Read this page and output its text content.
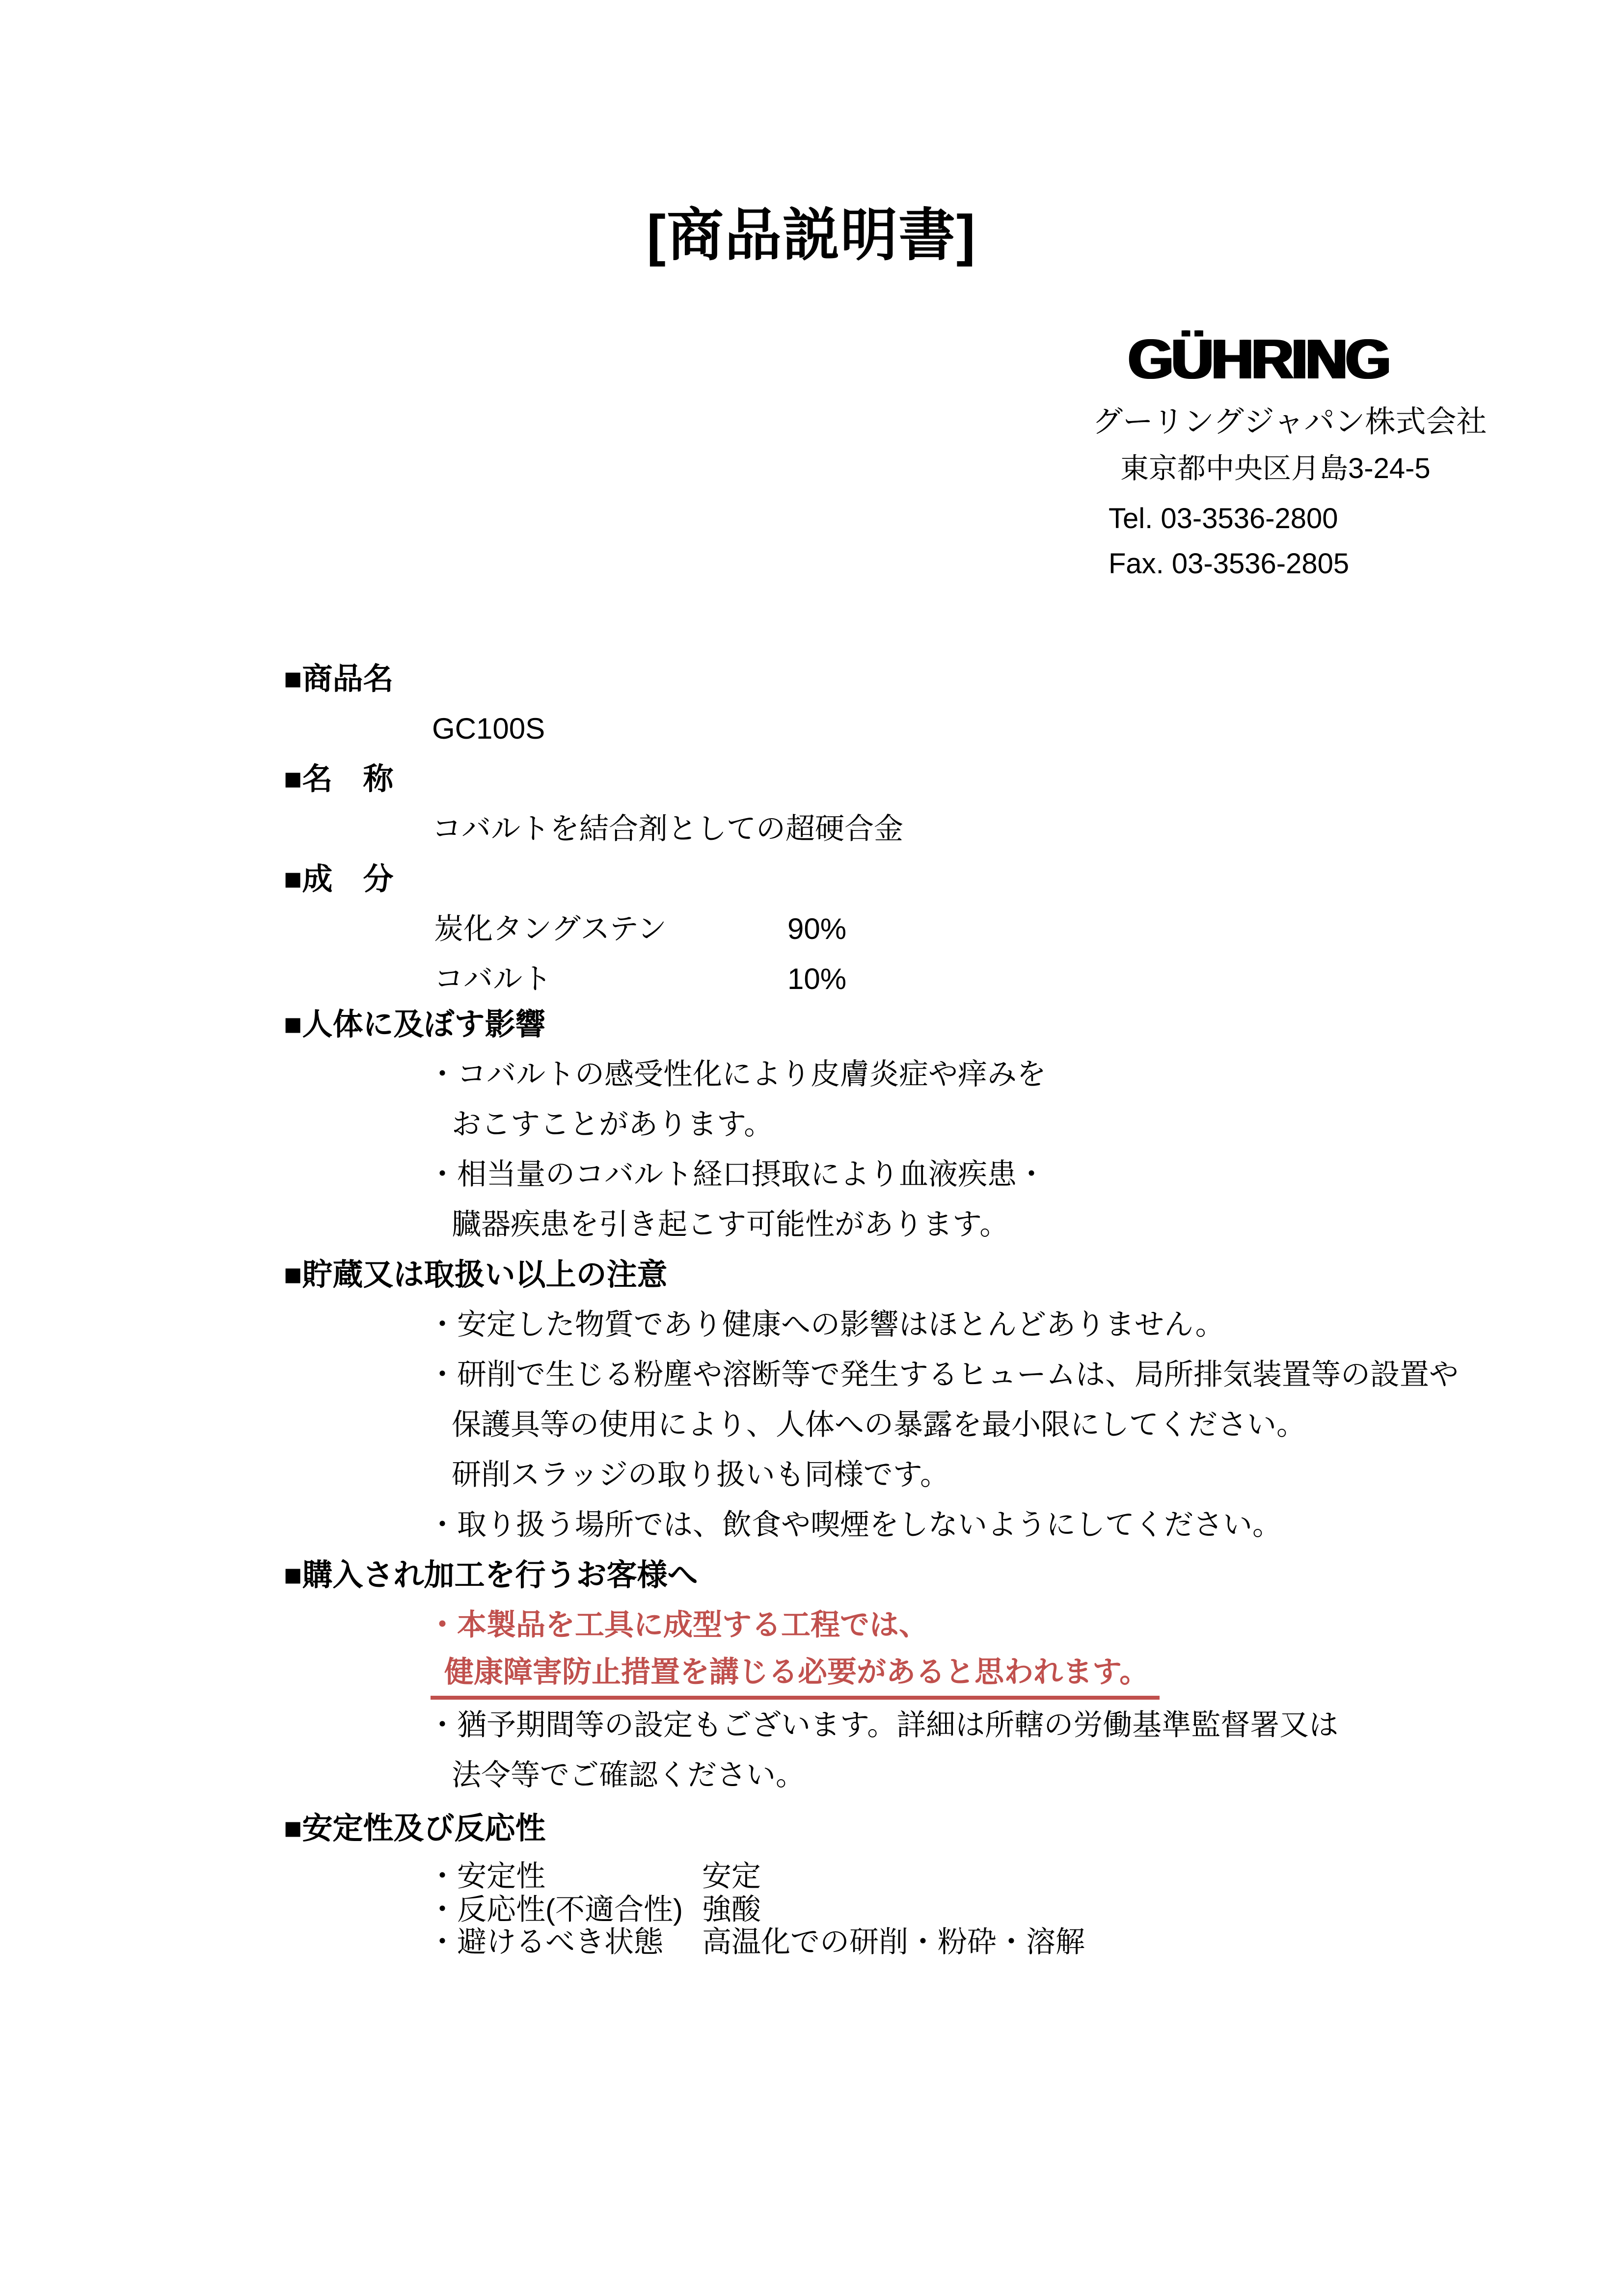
[商品説明書]
GÜHRING
グーリングジャパン株式会社
東京都中央区月島3-24-5
Tel. 03-3536-2800
Fax. 03-3536-2805
■商品名
GC100S
■名　称
コバルトを結合剤としての超硬合金
■成　分
炭化タングステン	90%
コバルト	10%
■人体に及ぼす影響
・コバルトの感受性化により皮膚炎症や痒みを
おこすことがあります。
・相当量のコバルト経口摂取により血液疾患・
臓器疾患を引き起こす可能性があります。
■貯蔵又は取扱い以上の注意
・安定した物質であり健康への影響はほとんどありません。
・研削で生じる粉塵や溶断等で発生するヒュームは、局所排気装置等の設置や
保護具等の使用により、人体への暴露を最小限にしてください。
研削スラッジの取り扱いも同様です。
・取り扱う場所では、飲食や喫煙をしないようにしてください。
■購入され加工を行うお客様へ
・本製品を工具に成型する工程では、
健康障害防止措置を講じる必要があると思われます。
・猶予期間等の設定もございます。詳細は所轄の労働基準監督署又は
法令等でご確認ください。
■安定性及び反応性
・安定性	安定
・反応性(不適合性) 強酸
・避けるべき状態 高温化での研削・粉砕・溶解
